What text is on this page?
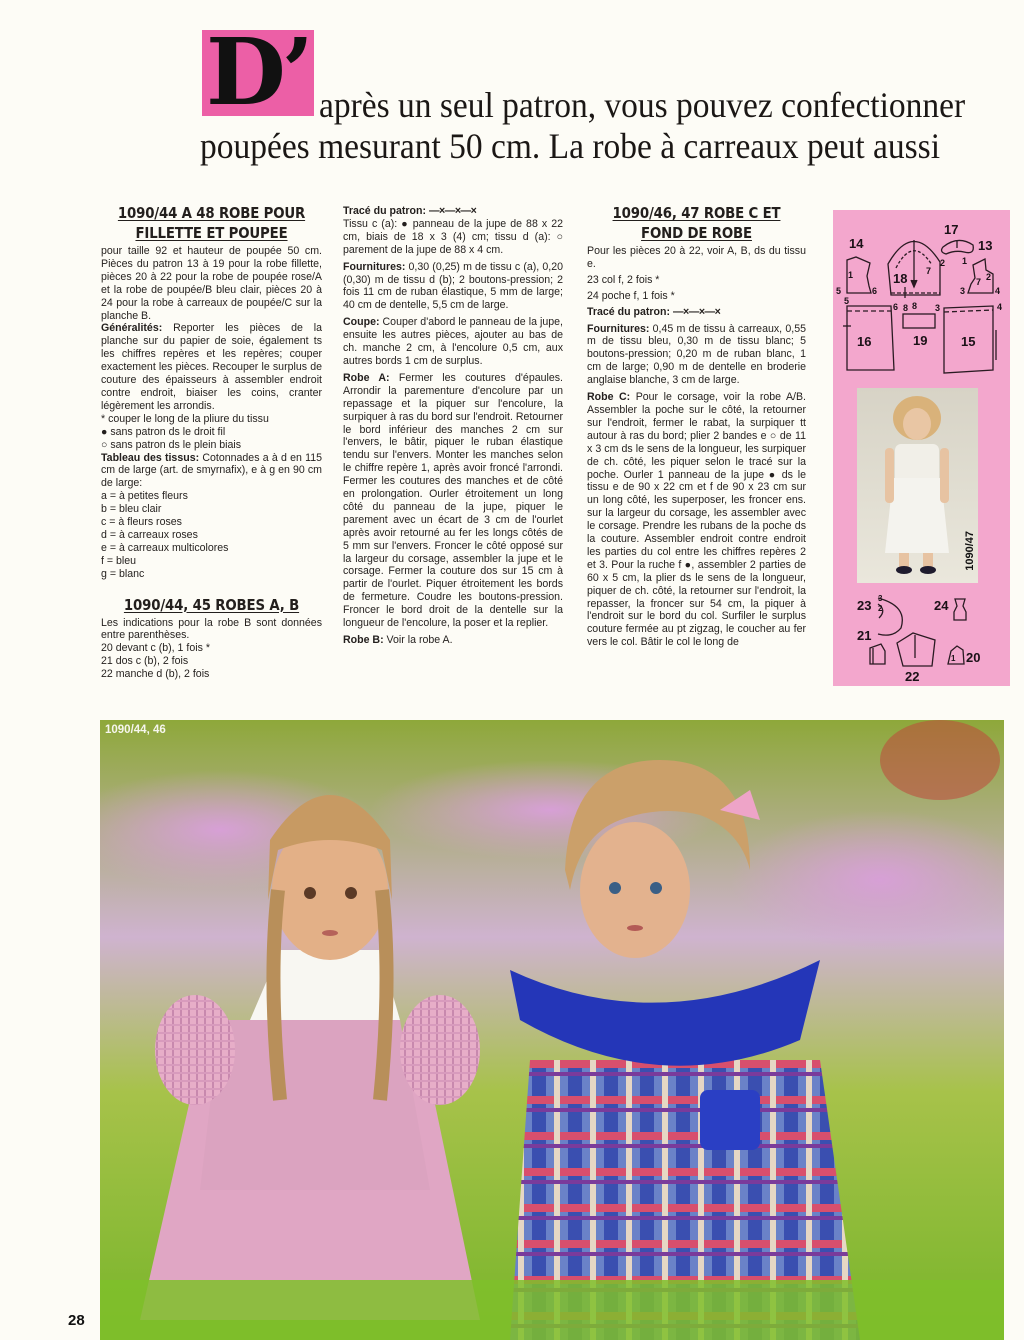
D’ après un seul patron, vous pouvez confectionner
poupées mesurant 50 cm. La robe à carreaux peut aussi
1090/44 A 48 ROBE POUR FILLETTE ET POUPEE

pour taille 92 et hauteur de poupée 50 cm. Pièces du patron 13 à 19 pour la robe fillette, pièces 20 à 22 pour la robe de poupée rose/A et la robe de poupée/B bleu clair, pièces 20 à 24 pour la robe à carreaux de poupée/C sur la planche B.

Généralités: Reporter les pièces de la planche sur du papier de soie, également ts les chiffres repères et les repères; couper exactement les pièces. Recouper le surplus de couture des épaisseurs à assembler endroit contre endroit, biaiser les coins, cranter légèrement les arrondis.

* couper le long de la pliure du tissu
● sans patron ds le droit fil
○ sans patron ds le plein biais

Tableau des tissus: Cotonnades a à d en 115 cm de large (art. de smyrnafix), e à g en 90 cm de large:

a = à petites fleurs
b = bleu clair
c = à fleurs roses
d = à carreaux roses
e = à carreaux multicolores
f = bleu
g = blanc
1090/44, 45 ROBES A, B

Les indications pour la robe B sont données entre parenthèses.

20 devant c (b), 1 fois *
21 dos c (b), 2 fois
22 manche d (b), 2 fois
Tracé du patron: —×—×—×

Tissu c (a): ● panneau de la jupe de 88 x 22 cm, biais de 18 x 3 (4) cm; tissu d (a): ○ parement de la jupe de 88 x 4 cm.

Fournitures: 0,30 (0,25) m de tissu c (a), 0,20 (0,30) m de tissu d (b); 2 boutons-pression; 2 fois 11 cm de ruban élastique, 5 mm de large; 40 cm de dentelle, 5,5 cm de large.

Coupe: Couper d'abord le panneau de la jupe, ensuite les autres pièces, ajouter au bas de ch. manche 2 cm, à l'encolure 0,5 cm, aux autres bords 1 cm de surplus.

Robe A: Fermer les coutures d'épaules. Arrondir la parementure d'encolure par un repassage et la piquer sur l'encolure, la surpiquer à ras du bord sur l'endroit. Retourner le bord inférieur des manches 2 cm sur l'envers, le bâtir, piquer le ruban élastique tendu sur l'envers. Monter les manches selon le chiffre repère 1, après avoir froncé l'arrondi. Fermer les coutures des manches et de côté en prolongation. Ourler étroitement un long côté du panneau de la jupe, piquer le parement avec un écart de 3 cm de l'ourlet après avoir retourné au fer les longs côtés de 5 mm sur l'envers. Froncer le côté opposé sur la largeur du corsage, assembler la jupe et le corsage. Fermer la couture dos sur 15 cm à partir de l'ourlet. Piquer étroitement les bords de fermeture. Coudre les boutons-pression. Froncer le bord droit de la dentelle sur la longueur de l'encolure, la poser et la replier.

Robe B: Voir la robe A.

1090/46, 47 ROBE C ET FOND DE ROBE

Pour les pièces 20 à 22, voir A, B, ds du tissu e.

23 col f, 2 fois *
24 poche f, 1 fois *
Tracé du patron: —×—×—×

Fournitures: 0,45 m de tissu à carreaux, 0,55 m de tissu bleu, 0,30 m de tissu blanc; 5 boutons-pression; 0,20 m de ruban blanc, 1 cm de large; 0,90 m de dentelle en broderie anglaise blanche, 3 cm de large.

Robe C: Pour le corsage, voir la robe A/B. Assembler la poche sur le côté, la retourner sur l'endroit, fermer le rabat, la surpiquer tt autour à ras du bord; plier 2 bandes e ○ de 11 x 3 cm ds le sens de la longueur, les surpiquer de ch. côté, les piquer selon le tracé sur la poche. Ourler 1 panneau de la jupe ● ds le tissu e de 90 x 22 cm et f de 90 x 23 cm sur un long côté, les superposer, les froncer ens. sur la largeur du corsage, les assembler avec le corsage. Prendre les rubans de la poche ds la couture. Assembler endroit contre endroit les parties du col entre les chiffres repères 2 et 3. Pour la ruche f ●, assembler 2 parties de 60 x 5 cm, la plier ds le sens de la longueur, piquer de ch. côté, la retourner sur l'endroit, la repasser, la froncer sur 54 cm, la piquer à l'endroit sur le bord du col. Surfiler le surplus couture fermée au pt zigzag, le coucher au fer vers le col. Bâtir le col le long de

14
1
5	6
18 7
2
17
1
13
2
7
3	4
16
5
6 8 8
19	15
3	4
1090/47
23 3
2	24
21
22
1 20
1090/44, 46
28
